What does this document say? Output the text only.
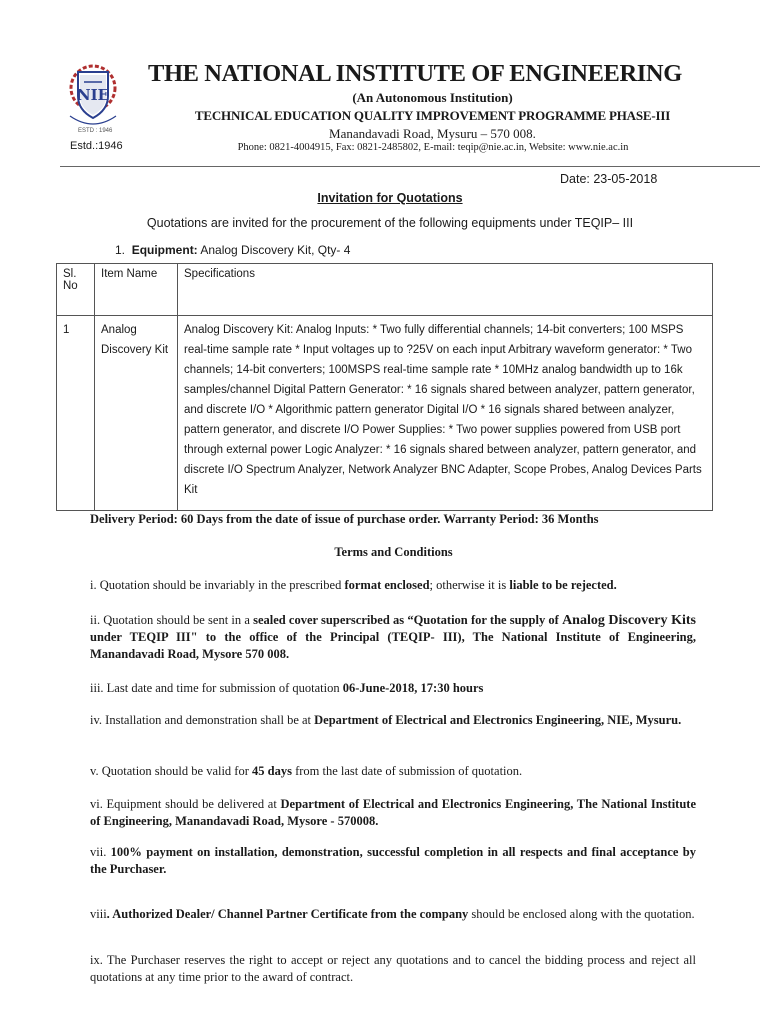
NIE
ESTD : 1946
Estd.:1946
THE NATIONAL INSTITUTE OF ENGINEERING
(An Autonomous Institution)
TECHNICAL EDUCATION QUALITY IMPROVEMENT PROGRAMME PHASE-III
Manandavadi Road, Mysuru – 570 008.
Phone: 0821-4004915, Fax: 0821-2485802, E-mail: teqip@nie.ac.in, Website: www.nie.ac.in
Date: 23-05-2018
Invitation for Quotations
Quotations are invited for the procurement of the following equipments under TEQIP– III
1. Equipment: Analog Discovery Kit, Qty- 4
Sl. No	Item Name	Specifications
1	Analog Discovery Kit	Analog Discovery Kit: Analog Inputs: * Two fully differential channels; 14-bit converters; 100 MSPS real-time sample rate * Input voltages up to ?25V on each input Arbitrary waveform generator: * Two channels; 14-bit converters; 100MSPS real-time sample rate * 10MHz analog bandwidth up to 16k samples/channel Digital Pattern Generator: * 16 signals shared between analyzer, pattern generator, and discrete I/O * Algorithmic pattern generator Digital I/O * 16 signals shared between analyzer, pattern generator, and discrete I/O Power Supplies: * Two power supplies powered from USB port through external power Logic Analyzer: * 16 signals shared between analyzer, pattern generator, and discrete I/O Spectrum Analyzer, Network Analyzer BNC Adapter, Scope Probes, Analog Devices Parts Kit
Delivery Period: 60 Days from the date of issue of purchase order. Warranty Period: 36 Months
Terms and Conditions
i. Quotation should be invariably in the prescribed format enclosed; otherwise it is liable to be rejected.
ii. Quotation should be sent in a sealed cover superscribed as “Quotation for the supply of Analog Discovery Kits under TEQIP III" to the office of the Principal (TEQIP- III), The National Institute of Engineering, Manandavadi Road, Mysore 570 008.
iii. Last date and time for submission of quotation 06-June-2018, 17:30 hours
iv. Installation and demonstration shall be at Department of Electrical and Electronics Engineering, NIE, Mysuru.
v. Quotation should be valid for 45 days from the last date of submission of quotation.
vi. Equipment should be delivered at Department of Electrical and Electronics Engineering, The National Institute of Engineering, Manandavadi Road, Mysore - 570008.
vii. 100% payment on installation, demonstration, successful completion in all respects and final acceptance by the Purchaser.
viii. Authorized Dealer/ Channel Partner Certificate from the company should be enclosed along with the quotation.
ix. The Purchaser reserves the right to accept or reject any quotations and to cancel the bidding process and reject all quotations at any time prior to the award of contract.
